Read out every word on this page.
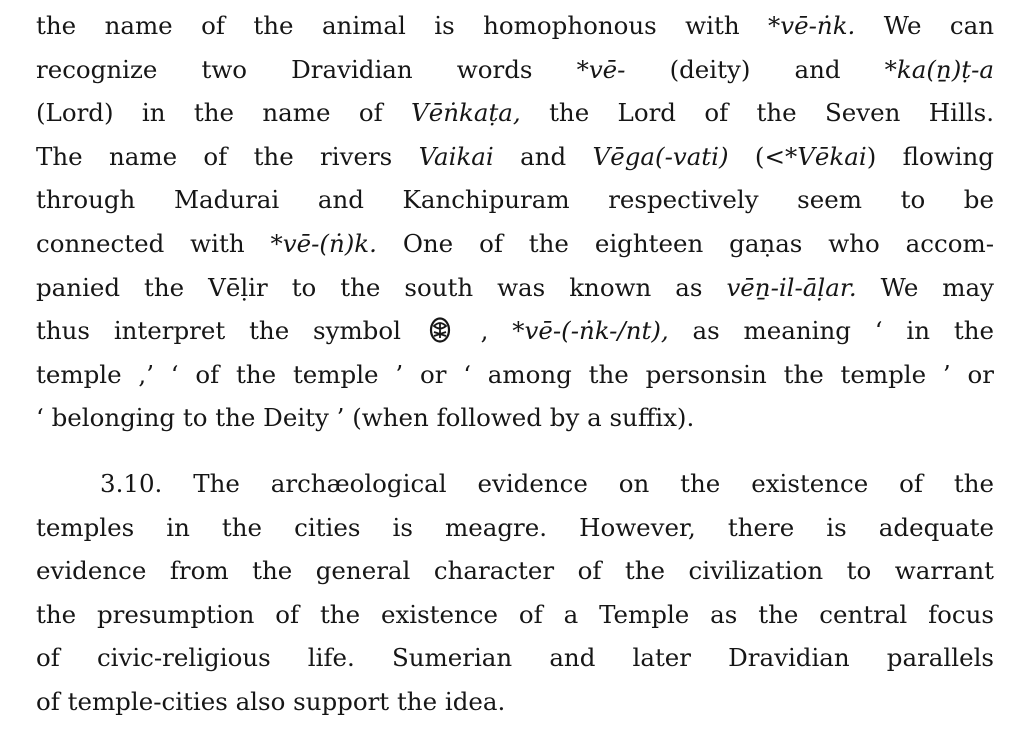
the name of the animal is homophonous with *vē-ṅk. We can
recognize two Dravidian words *vē- (deity) and *ka(ṉ)ṭ-a
(Lord) in the name of Vēṅkaṭa, the Lord of the Seven Hills.
The name of the rivers Vaikai and Vēga(-vati) (<*Vēkai) flowing
through Madurai and Kanchipuram respectively seem to be
connected with *vē-(ṅ)k. One of the eighteen gaṇas who accom-
panied the Vēḷir to the south was known as vēṉ-il-āḷar. We may
thus interpret the symbol
, *vē-(-ṅk-/nt), as meaning ‘ in the
temple ,’ ‘ of the temple ’ or ‘ among the personsin the temple ’ or
‘ belonging to the Deity ’ (when followed by a suffix).
3.10. The archæological evidence on the existence of the
temples in the cities is meagre. However, there is adequate
evidence from the general character of the civilization to warrant
the presumption of the existence of a Temple as the central focus
of civic-religious life. Sumerian and later Dravidian parallels
of temple-cities also support the idea.
